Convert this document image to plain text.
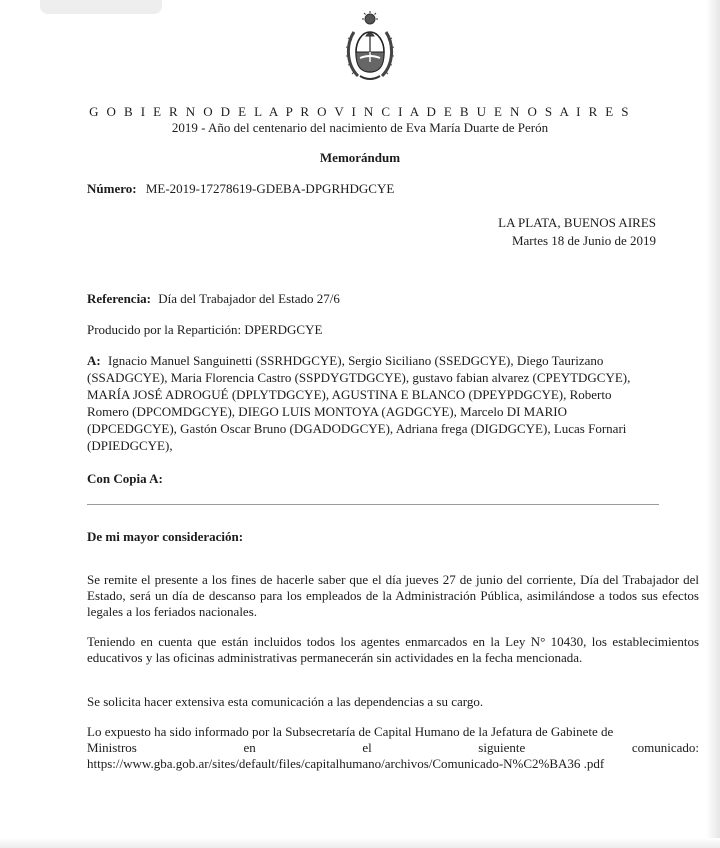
G O B I E R N O D E L A P R O V I N C I A D E B U E N O S A I R E S
2019 - Año del centenario del nacimiento de Eva María Duarte de Perón
Memorándum
Número: ME-2019-17278619-GDEBA-DPGRHDGCYE
LA PLATA, BUENOS AIRES
Martes 18 de Junio de 2019
Referencia: Día del Trabajador del Estado 27/6
Producido por la Repartición: DPERDGCYE
A: Ignacio Manuel Sanguinetti (SSRHDGCYE), Sergio Siciliano (SSEDGCYE), Diego Taurizano
(SSADGCYE), Maria Florencia Castro (SSPDYGTDGCYE), gustavo fabian alvarez (CPEYTDGCYE),
MARÍA JOSÉ ADROGUÉ (DPLYTDGCYE), AGUSTINA E BLANCO (DPEYPDGCYE), Roberto
Romero (DPCOMDGCYE), DIEGO LUIS MONTOYA (AGDGCYE), Marcelo DI MARIO
(DPCEDGCYE), Gastón Oscar Bruno (DGADODGCYE), Adriana frega (DIGDGCYE), Lucas Fornari
(DPIEDGCYE),
Con Copia A:
De mi mayor consideración:
Se remite el presente a los fines de hacerle saber que el día jueves 27 de junio del corriente, Día del Trabajador del Estado, será un día de descanso para los empleados de la Administración Pública, asimilándose a todos sus efectos legales a los feriados nacionales.
Teniendo en cuenta que están incluidos todos los agentes enmarcados en la Ley N° 10430, los establecimientos educativos y las oficinas administrativas permanecerán sin actividades en la fecha mencionada.
Se solicita hacer extensiva esta comunicación a las dependencias a su cargo.
Lo expuesto ha sido informado por la Subsecretaría de Capital Humano de la Jefatura de Gabinete de
Ministros	en	el	siguiente	comunicado:
https://www.gba.gob.ar/sites/default/files/capitalhumano/archivos/Comunicado-N%C2%BA36 .pdf
